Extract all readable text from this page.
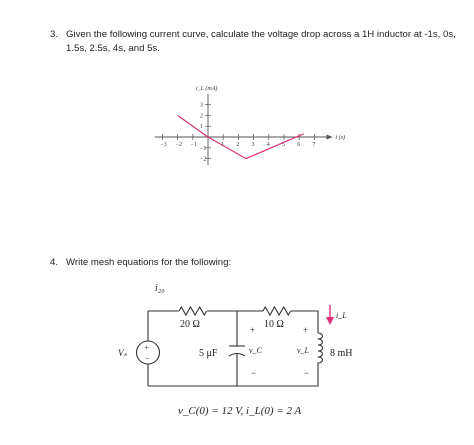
3. Given the following current curve, calculate the voltage drop across a 1H inductor at -1s, 0s, 1.5s, 2.5s, 4s, and 5s.
−3 −2 −1	1 2 3 4 5 6 7
3
2
1
−1
−2
i_L (mA)
t (s)
4. Write mesh equations for the following:
i₂₀
20 Ω	10 Ω
Vₛ
+
−	5 μF
+
v_C
−
+
v_L
−
8 mH
i_L
v_C(0) = 12 V, i_L(0) = 2 A
